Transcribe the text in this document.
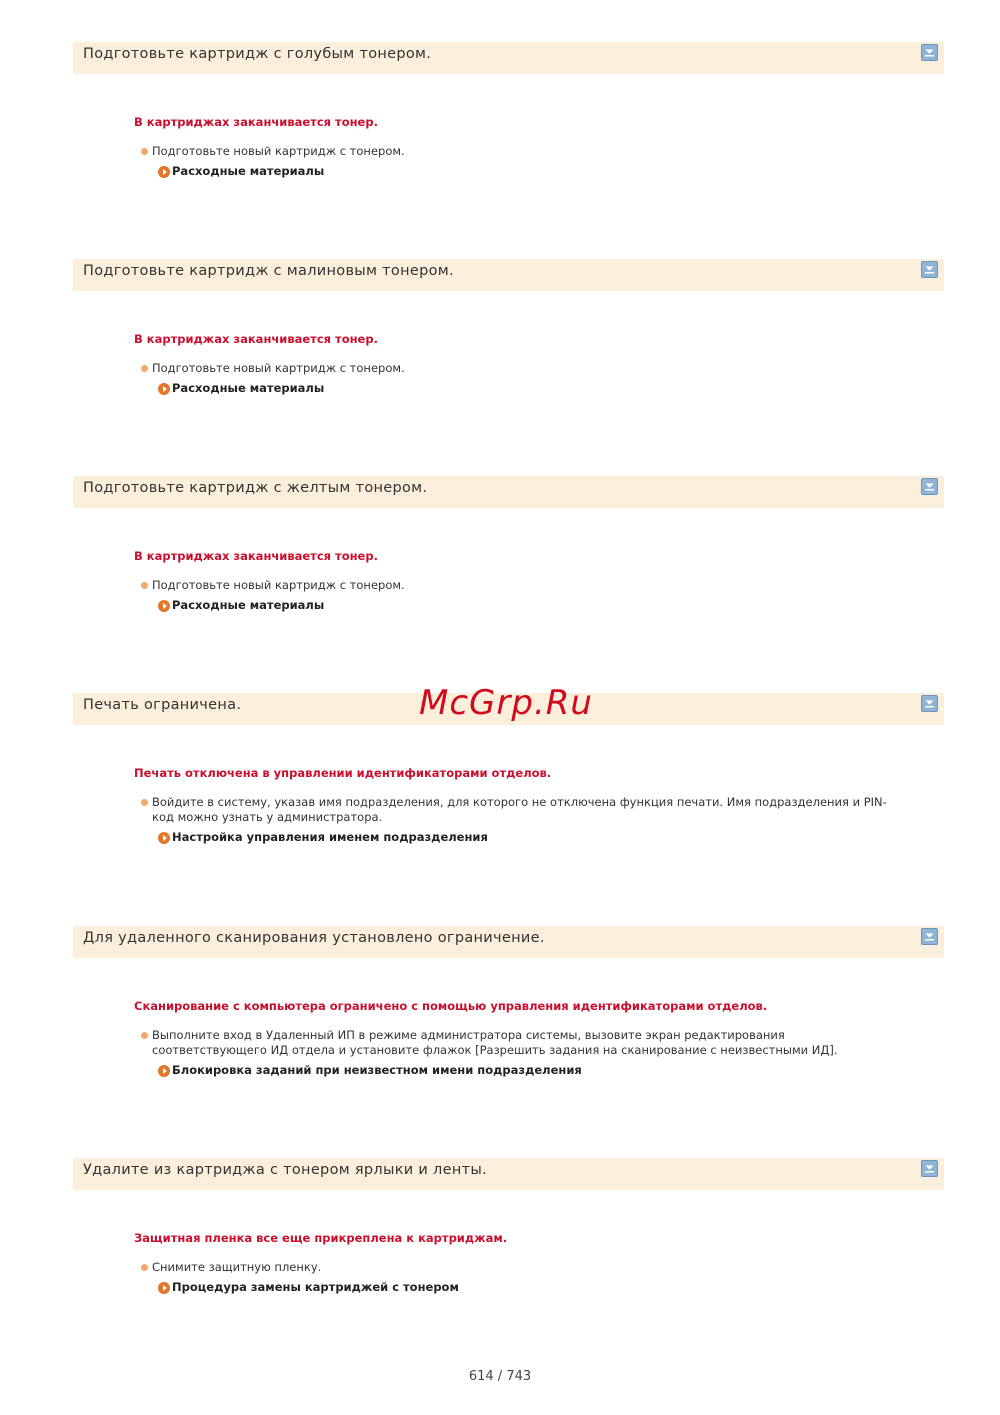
Подготовьте картридж с голубым тонером.
В картриджах заканчивается тонер.
Подготовьте новый картридж с тонером.
Расходные материалы
Подготовьте картридж с малиновым тонером.
В картриджах заканчивается тонер.
Подготовьте новый картридж с тонером.
Расходные материалы
Подготовьте картридж с желтым тонером.
В картриджах заканчивается тонер.
Подготовьте новый картридж с тонером.
Расходные материалы
Печать ограничена.
Печать отключена в управлении идентификаторами отделов.
Войдите в систему, указав имя подразделения, для которого не отключена функция печати. Имя подразделения и PIN-код можно узнать у администратора.
Настройка управления именем подразделения
Для удаленного сканирования установлено ограничение.
Сканирование с компьютера ограничено с помощью управления идентификаторами отделов.
Выполните вход в Удаленный ИП в режиме администратора системы, вызовите экран редактирования соответствующего ИД отдела и установите флажок [Разрешить задания на сканирование с неизвестными ИД].
Блокировка заданий при неизвестном имени подразделения
Удалите из картриджа с тонером ярлыки и ленты.
Защитная пленка все еще прикреплена к картриджам.
Снимите защитную пленку.
Процедура замены картриджей с тонером
McGrp.Ru
614 / 743
